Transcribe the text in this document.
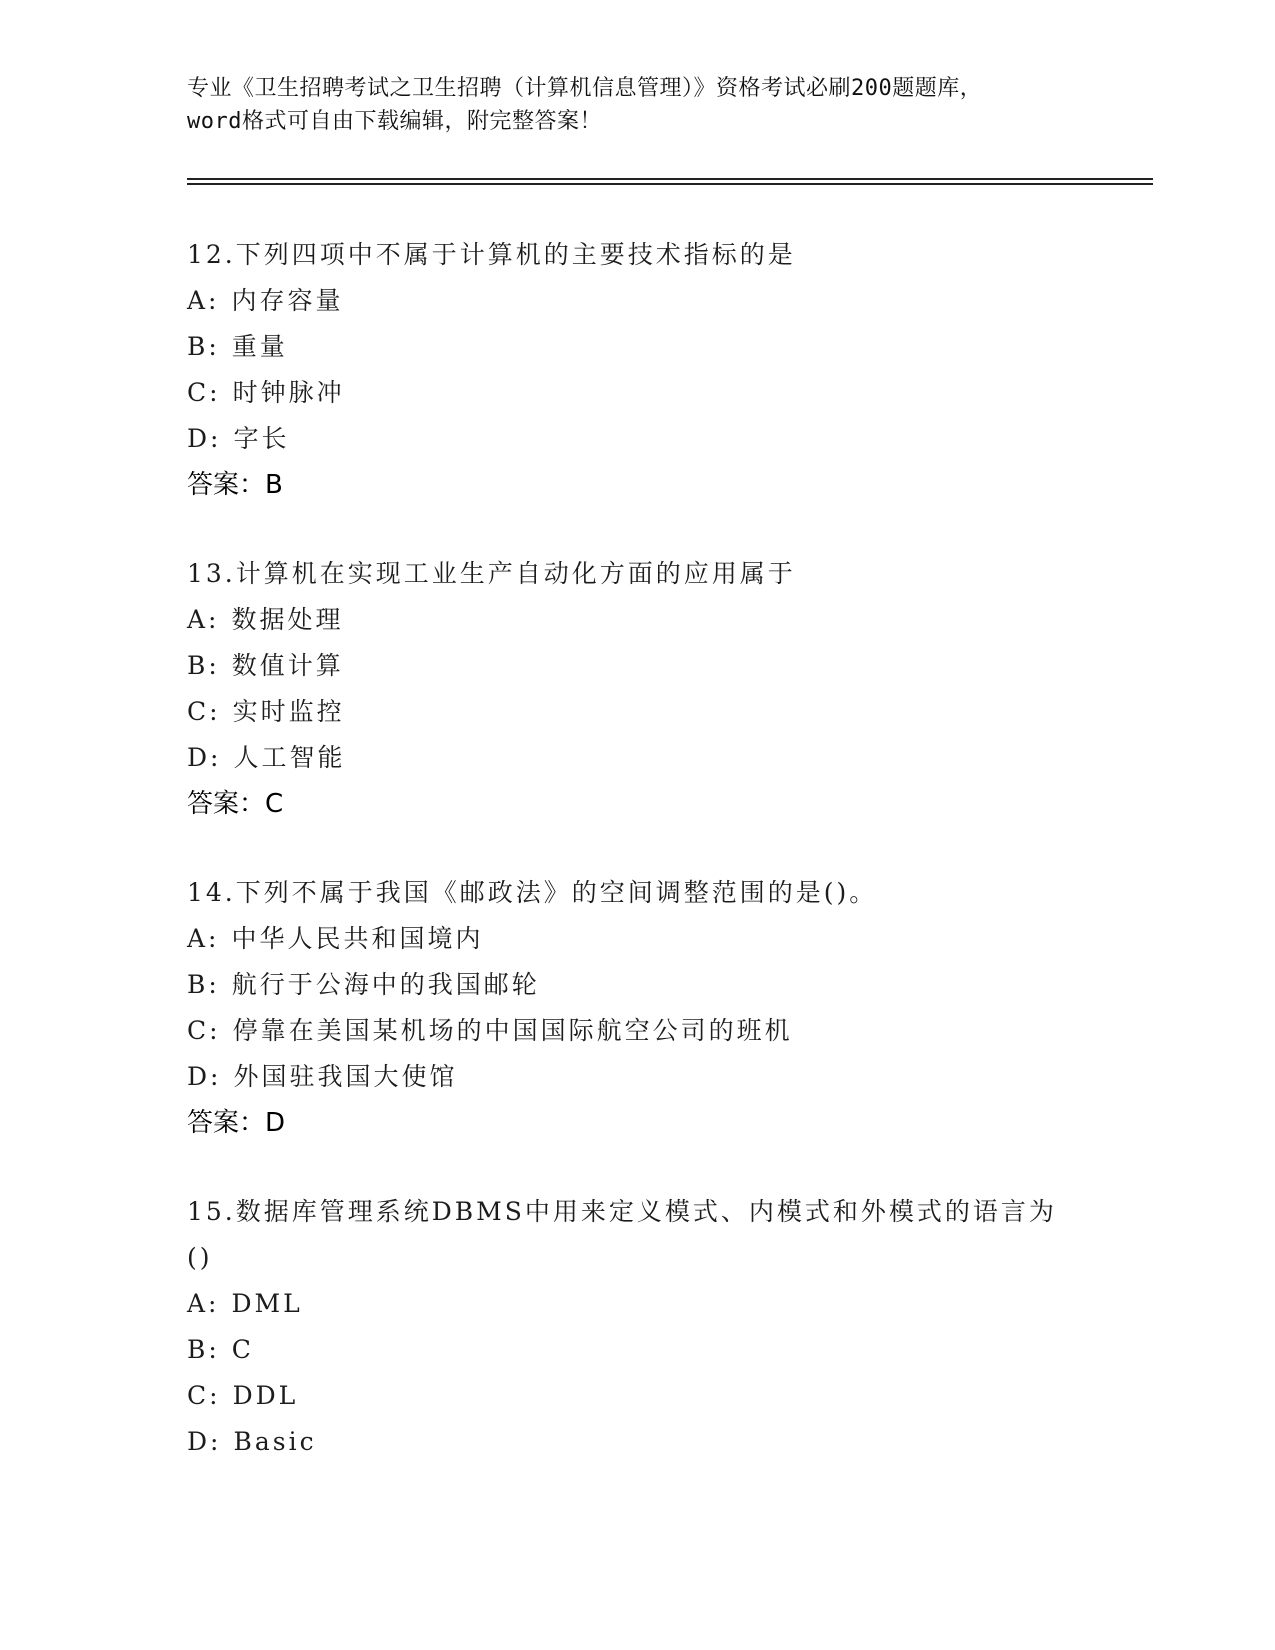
专业《卫生招聘考试之卫生招聘（计算机信息管理）》资格考试必刷200题题库，
word格式可自由下载编辑，附完整答案！
12.下列四项中不属于计算机的主要技术指标的是
A: 内存容量
B: 重量
C: 时钟脉冲
D: 字长
答案：B
13.计算机在实现工业生产自动化方面的应用属于
A: 数据处理
B: 数值计算
C: 实时监控
D: 人工智能
答案：C
14.下列不属于我国《邮政法》的空间调整范围的是()。
A: 中华人民共和国境内
B: 航行于公海中的我国邮轮
C: 停靠在美国某机场的中国国际航空公司的班机
D: 外国驻我国大使馆
答案：D
15.数据库管理系统DBMS中用来定义模式、内模式和外模式的语言为
()
A: DML
B: C
C: DDL
D: Basic
